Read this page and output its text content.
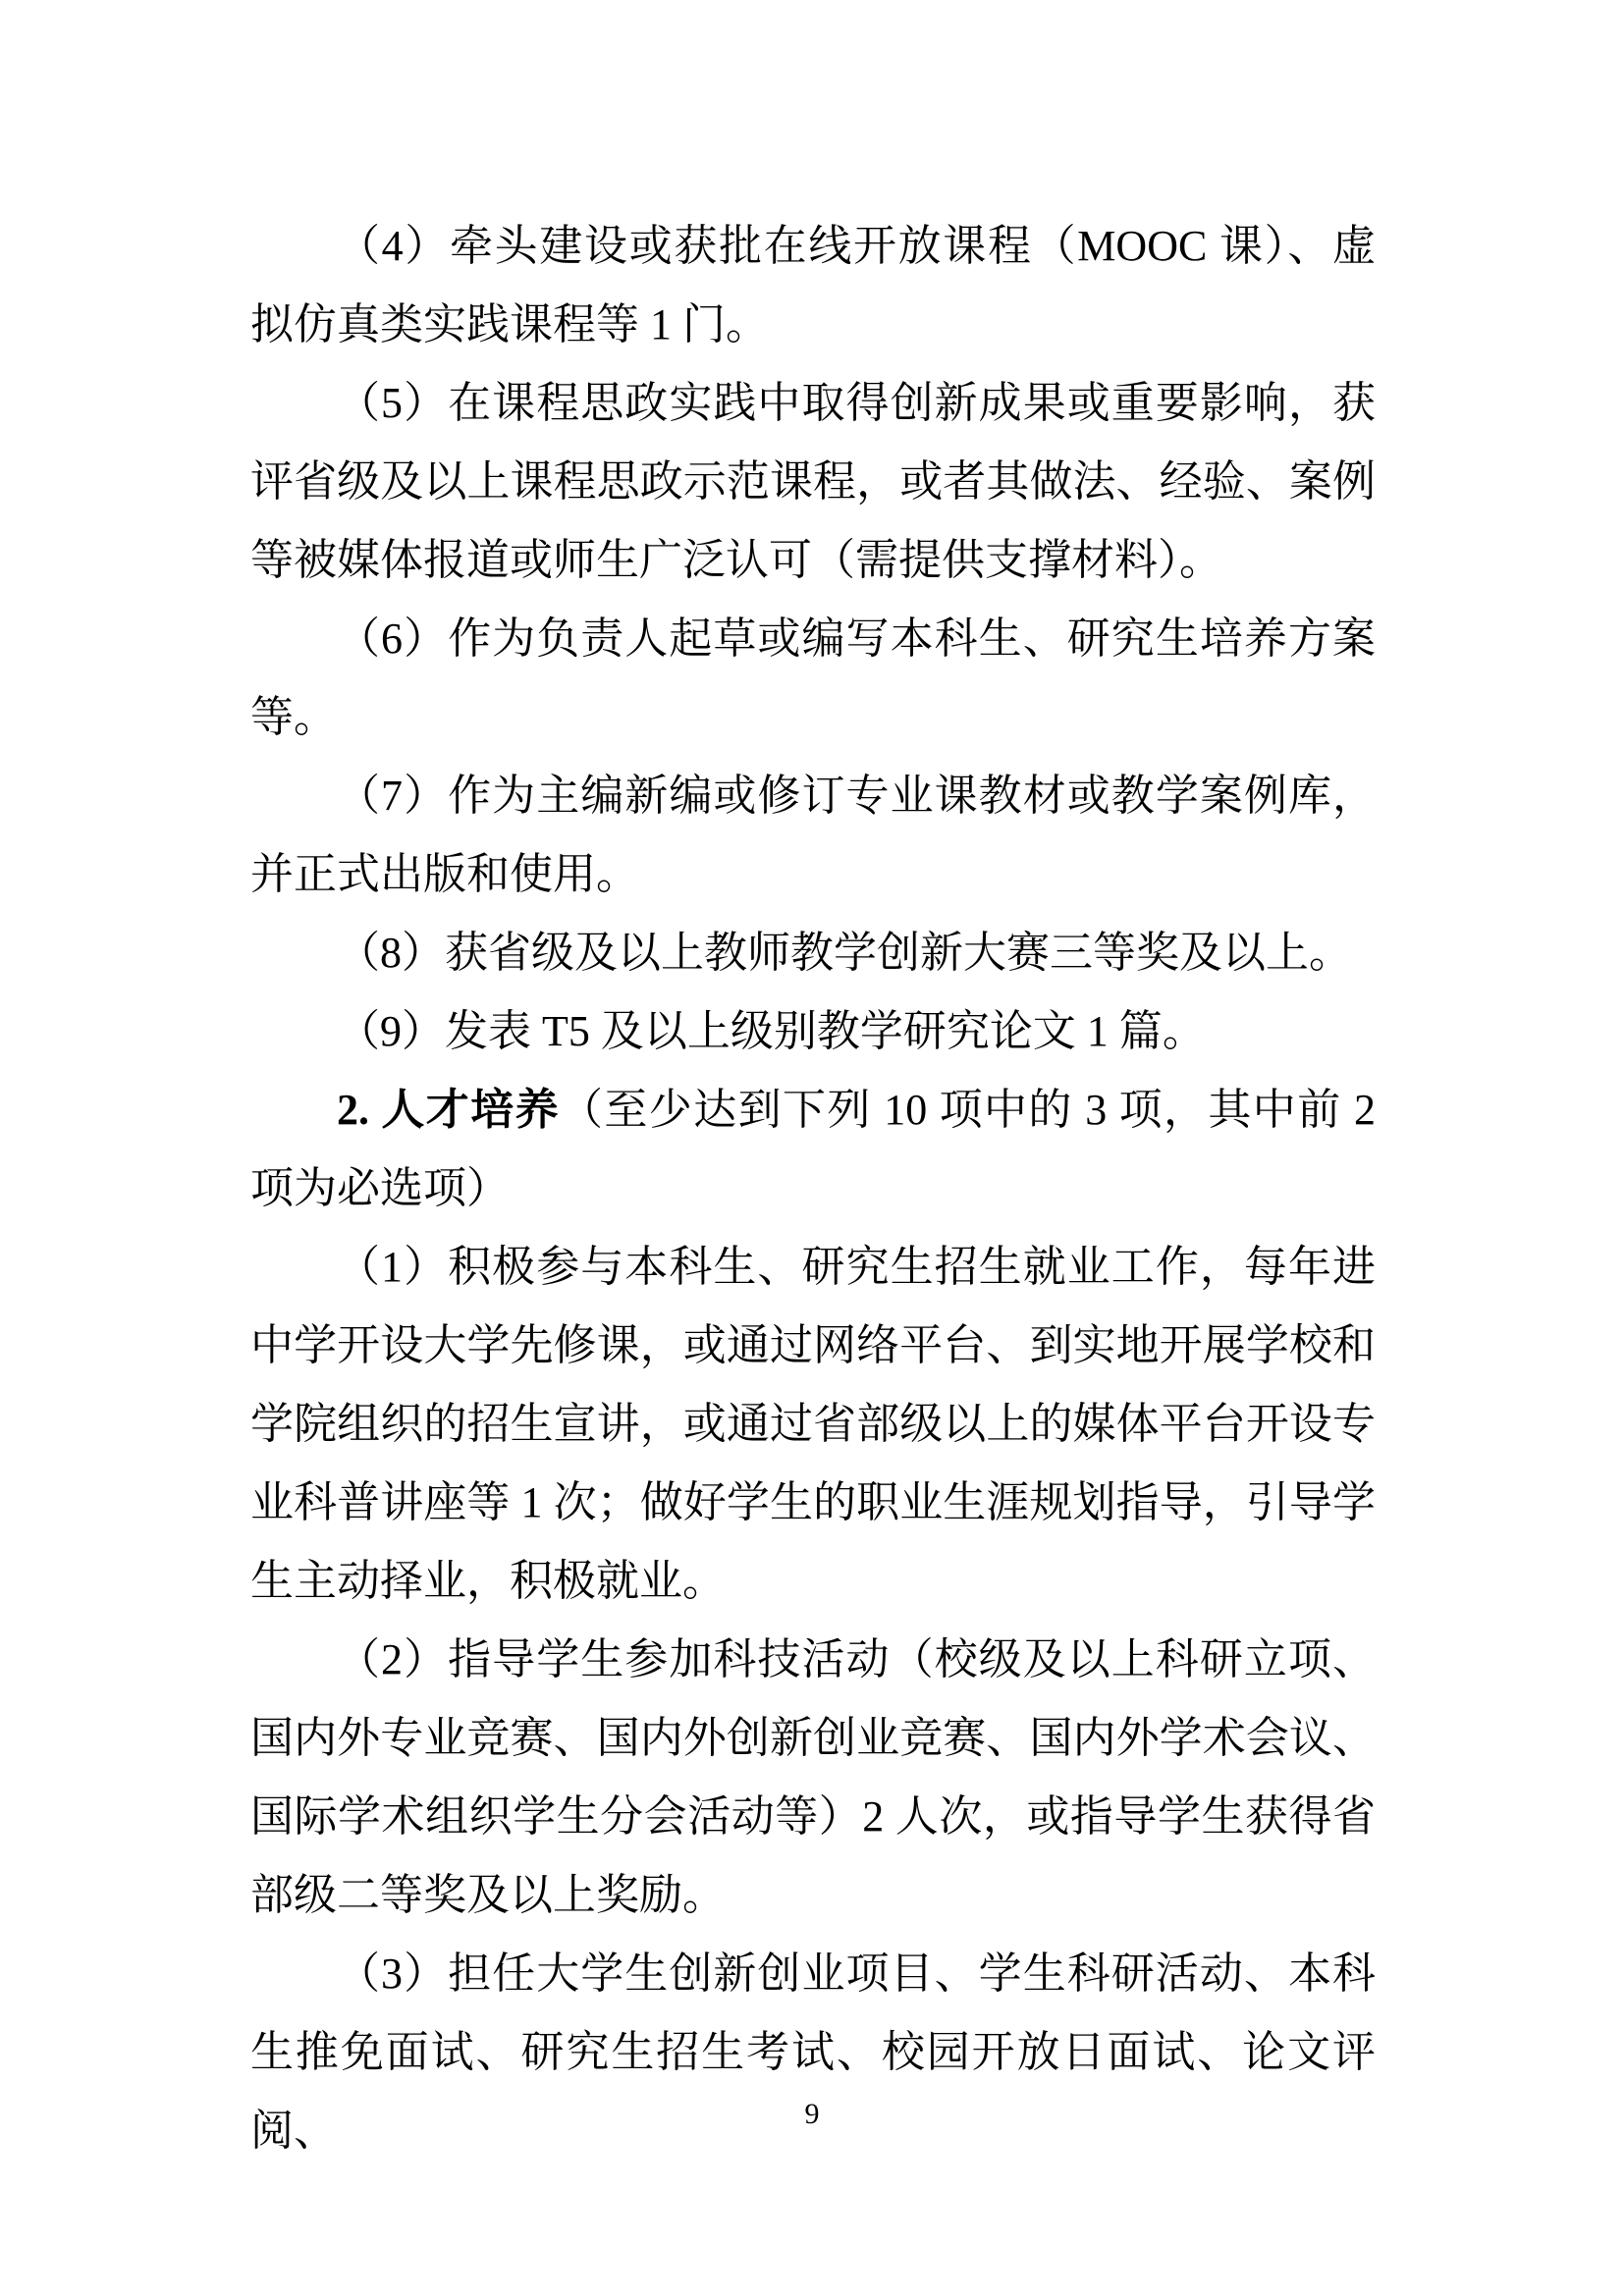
（4）牵头建设或获批在线开放课程（MOOC 课）、虚拟仿真类实践课程等 1 门。

（5）在课程思政实践中取得创新成果或重要影响，获评省级及以上课程思政示范课程，或者其做法、经验、案例等被媒体报道或师生广泛认可（需提供支撑材料）。

（6）作为负责人起草或编写本科生、研究生培养方案等。

（7）作为主编新编或修订专业课教材或教学案例库，并正式出版和使用。

（8）获省级及以上教师教学创新大赛三等奖及以上。

（9）发表 T5 及以上级别教学研究论文 1 篇。

2. 人才培养（至少达到下列 10 项中的 3 项，其中前 2 项为必选项）

（1）积极参与本科生、研究生招生就业工作，每年进中学开设大学先修课，或通过网络平台、到实地开展学校和学院组织的招生宣讲，或通过省部级以上的媒体平台开设专业科普讲座等 1 次；做好学生的职业生涯规划指导，引导学生主动择业，积极就业。

（2）指导学生参加科技活动（校级及以上科研立项、国内外专业竞赛、国内外创新创业竞赛、国内外学术会议、国际学术组织学生分会活动等）2 人次，或指导学生获得省部级二等奖及以上奖励。

（3）担任大学生创新创业项目、学生科研活动、本科生推免面试、研究生招生考试、校园开放日面试、论文评阅、	9
